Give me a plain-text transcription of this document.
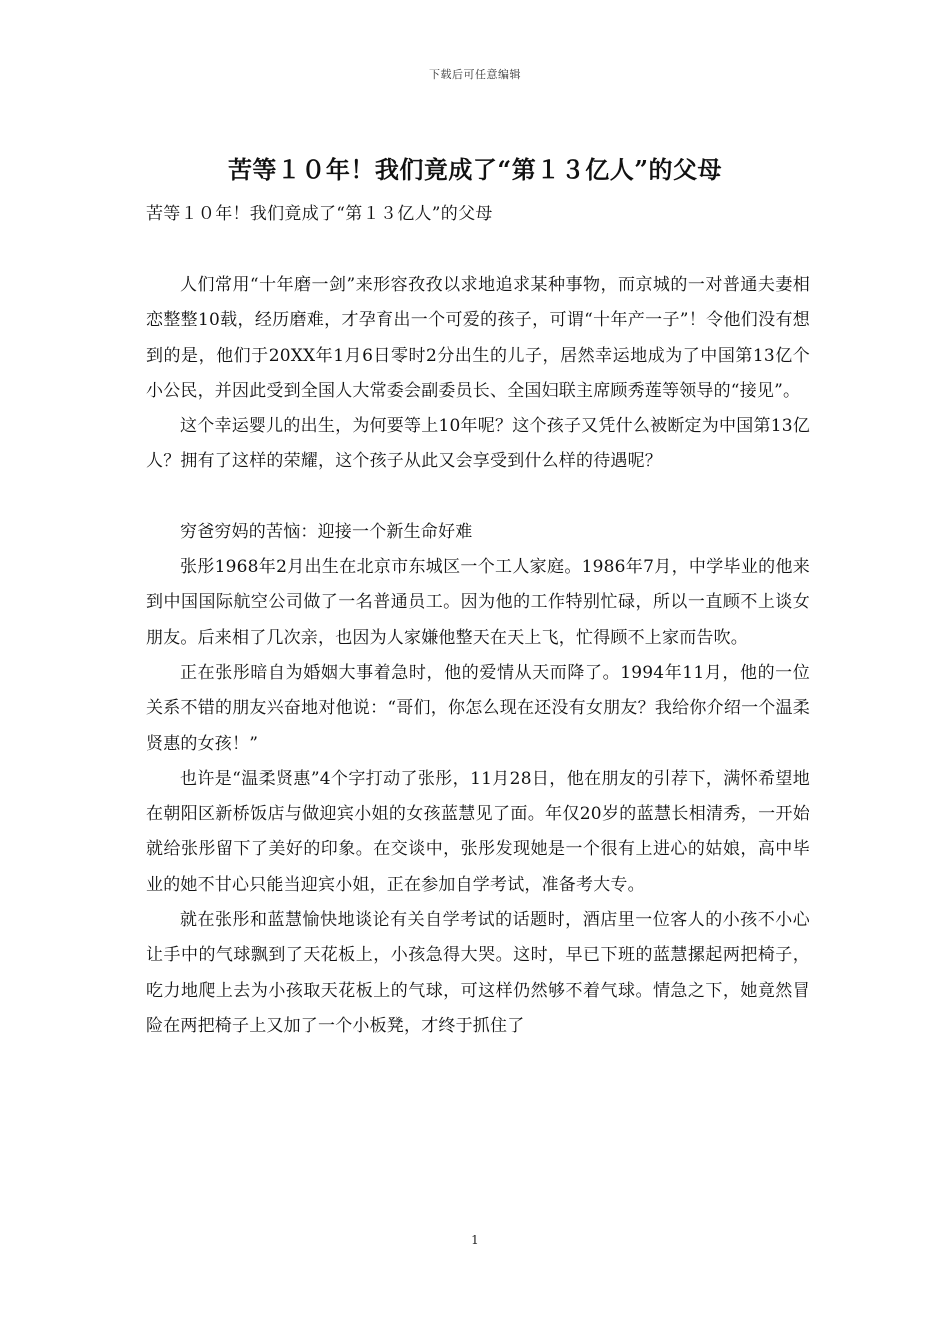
下载后可任意编辑
苦等１０年！我们竟成了“第１３亿人”的父母
苦等１０年！我们竟成了“第１３亿人”的父母

人们常用“十年磨一剑”来形容孜孜以求地追求某种事物，而京城的一对普通夫妻相恋整整10载，经历磨难，才孕育出一个可爱的孩子，可谓“十年产一子”！令他们没有想到的是，他们于20XX年1月6日零时2分出生的儿子，居然幸运地成为了中国第13亿个小公民，并因此受到全国人大常委会副委员长、全国妇联主席顾秀莲等领导的“接见”。

这个幸运婴儿的出生，为何要等上10年呢？这个孩子又凭什么被断定为中国第13亿人？拥有了这样的荣耀，这个孩子从此又会享受到什么样的待遇呢？

穷爸穷妈的苦恼：迎接一个新生命好难

张彤1968年2月出生在北京市东城区一个工人家庭。1986年7月，中学毕业的他来到中国国际航空公司做了一名普通员工。因为他的工作特别忙碌，所以一直顾不上谈女朋友。后来相了几次亲，也因为人家嫌他整天在天上飞，忙得顾不上家而告吹。

正在张彤暗自为婚姻大事着急时，他的爱情从天而降了。1994年11月，他的一位关系不错的朋友兴奋地对他说：“哥们，你怎么现在还没有女朋友？我给你介绍一个温柔贤惠的女孩！”

也许是“温柔贤惠”4个字打动了张彤，11月28日，他在朋友的引荐下，满怀希望地在朝阳区新桥饭店与做迎宾小姐的女孩蓝慧见了面。年仅20岁的蓝慧长相清秀，一开始就给张彤留下了美好的印象。在交谈中，张彤发现她是一个很有上进心的姑娘，高中毕业的她不甘心只能当迎宾小姐，正在参加自学考试，准备考大专。

就在张彤和蓝慧愉快地谈论有关自学考试的话题时，酒店里一位客人的小孩不小心让手中的气球飘到了天花板上，小孩急得大哭。这时，早已下班的蓝慧摞起两把椅子，吃力地爬上去为小孩取天花板上的气球，可这样仍然够不着气球。情急之下，她竟然冒险在两把椅子上又加了一个小板凳，才终于抓住了

1
